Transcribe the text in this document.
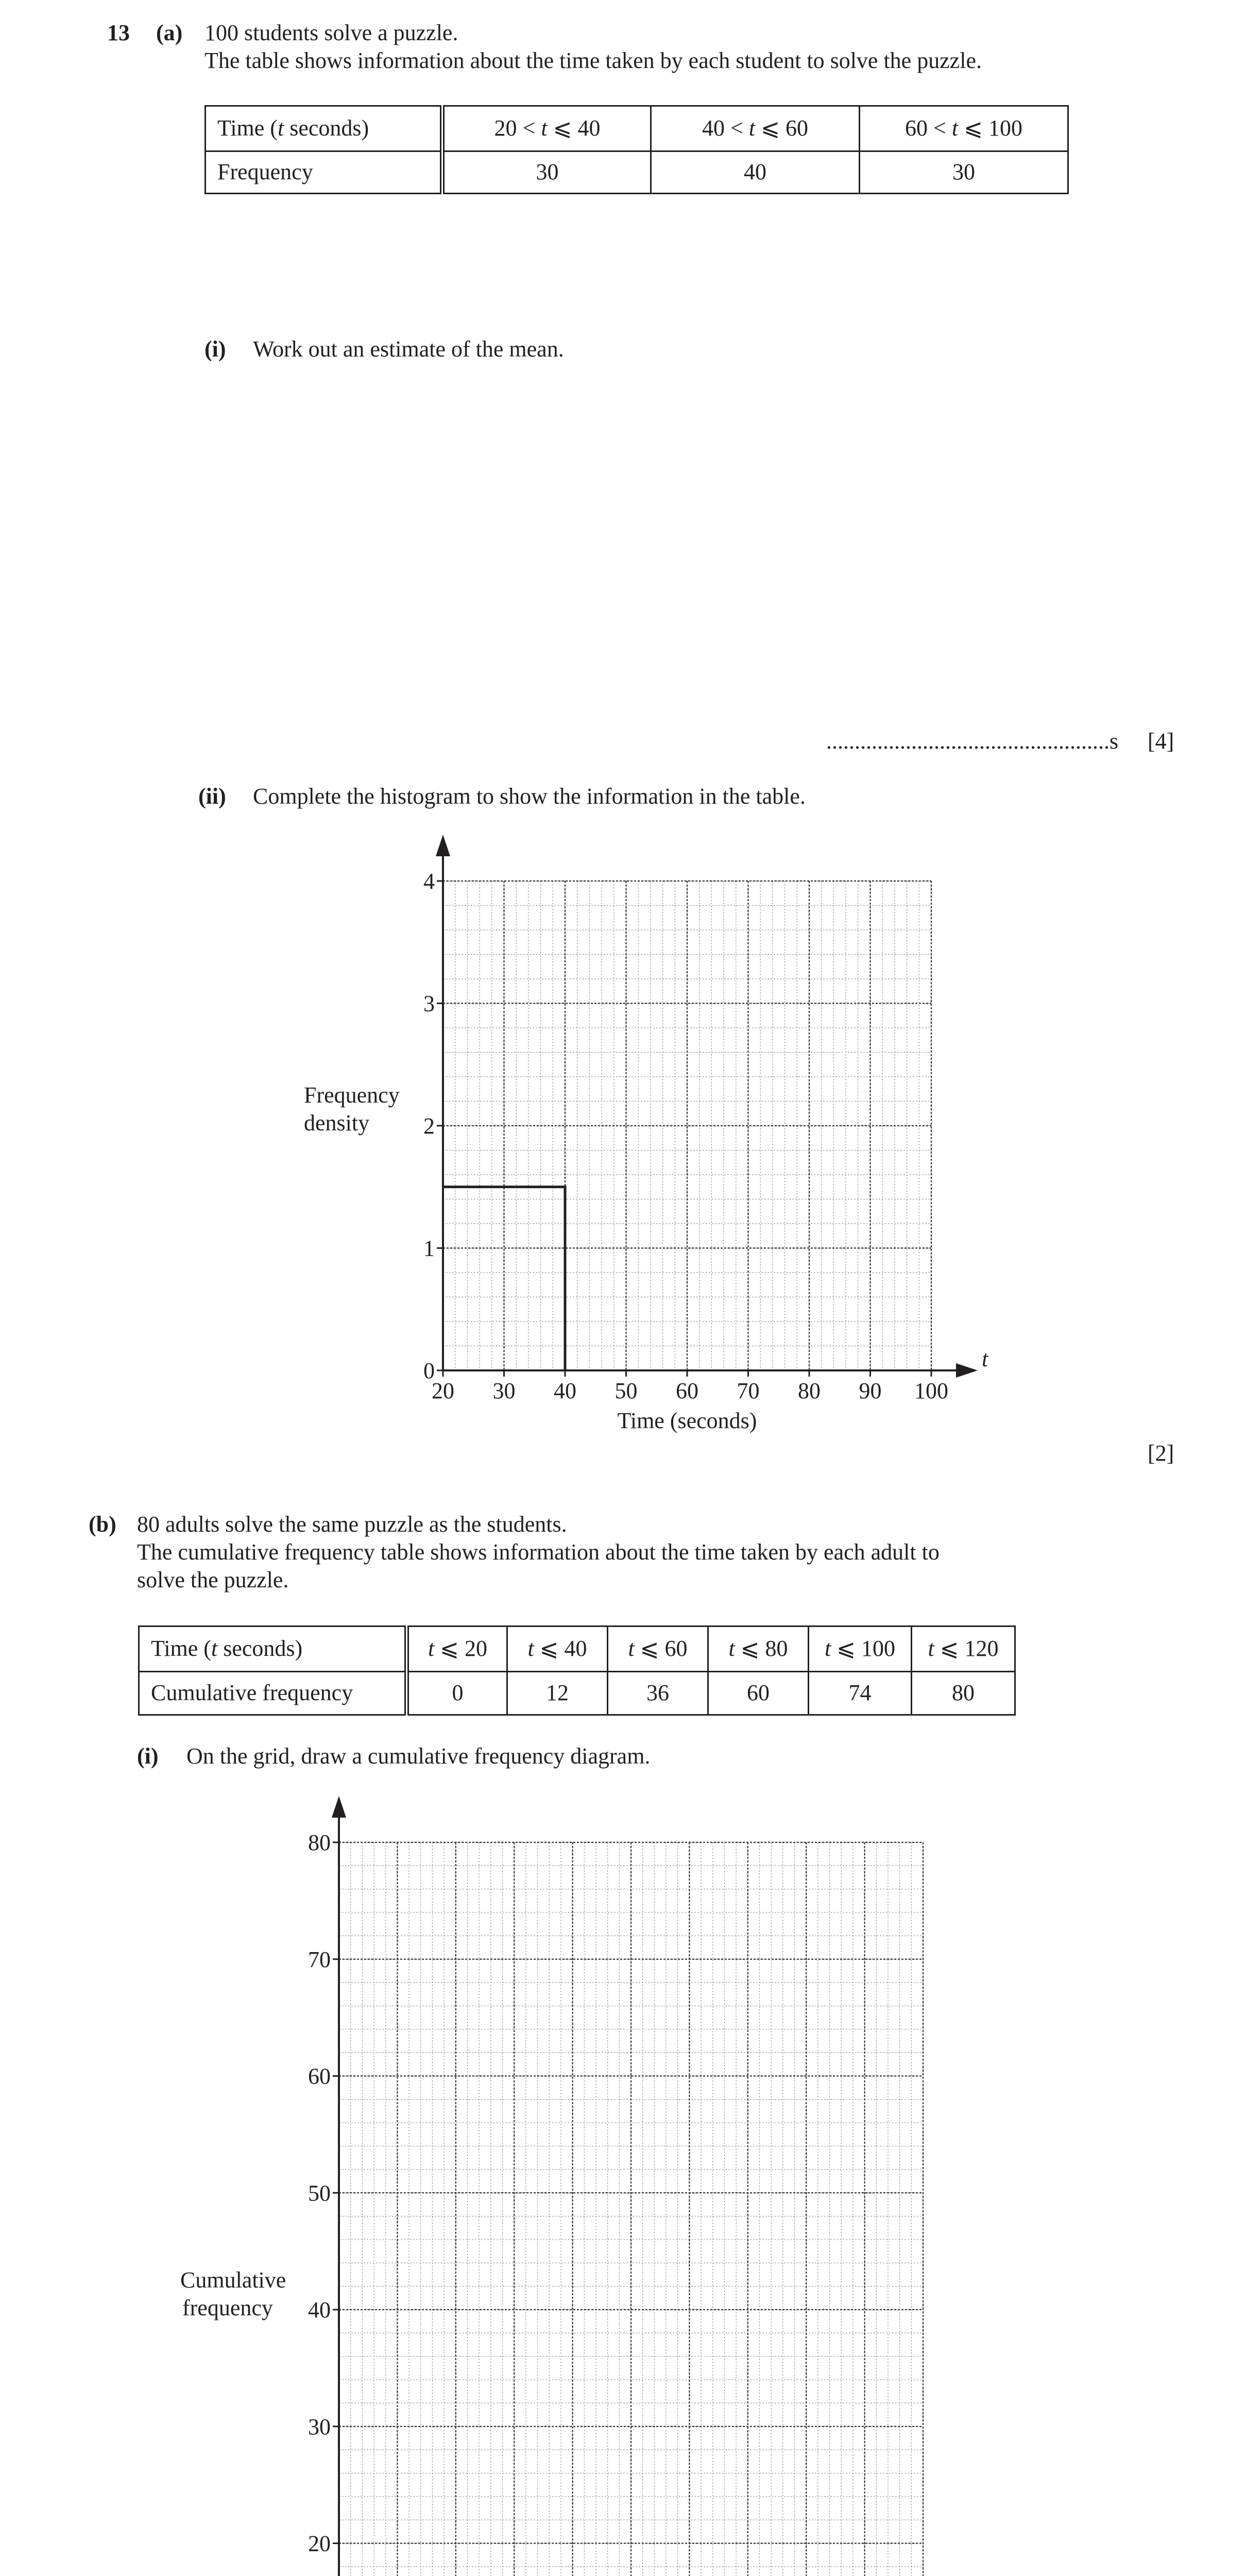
13 (a) 100 students solve a puzzle.
The table shows information about the time taken by each student to solve the puzzle.
Time (t seconds)	20 < t ⩽ 40	40 < t ⩽ 60	60 < t ⩽ 100
Frequency	30	40	30
(i) Work out an estimate of the mean.
..................................................s [4]
(ii) Complete the histogram to show the information in the table.
t
0
1
2
3
4
20 30 40 50 60 70 80 90 100
Time (seconds)
Frequency
density
[2]
(b) 80 adults solve the same puzzle as the students.
The cumulative frequency table shows information about the time taken by each adult to
solve the puzzle.
Time (t seconds)	t ⩽ 20	t ⩽ 40	t ⩽ 60	t ⩽ 80	t ⩽ 100	t ⩽ 120
Cumulative frequency	0	12	36	60	74	80
(i) On the grid, draw a cumulative frequency diagram.
20
30
40
50
60
70
80
Cumulative
frequency
